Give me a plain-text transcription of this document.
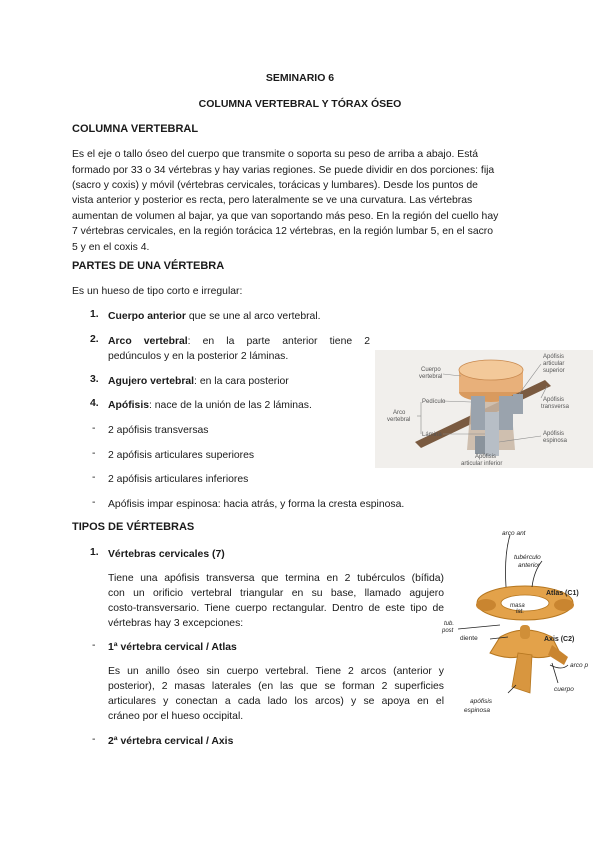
SEMINARIO 6
COLUMNA VERTEBRAL Y TÓRAX ÓSEO
COLUMNA VERTEBRAL
Es el eje o tallo óseo del cuerpo que transmite o soporta su peso de arriba a abajo. Está
formado por 33 o 34 vértebras y hay varias regiones. Se puede dividir en dos porciones: fija
(sacro y coxis) y móvil (vértebras cervicales, torácicas y lumbares). Desde los puntos de
vista anterior y posterior es recta, pero lateralmente se ve una curvatura. Las vértebras
aumentan de volumen al bajar, ya que van soportando más peso. En la región del cuello hay
7 vértebras cervicales, en la región torácica 12 vértebras, en la región lumbar 5, en el sacro
5 y en el coxis 4.
PARTES DE UNA VÉRTEBRA
Es un hueso de tipo corto e irregular:
1. Cuerpo anterior que se une al arco vertebral.
2. Arco vertebral: en la parte anterior tiene 2
pedúnculos y en la posterior 2 láminas.
3. Agujero vertebral: en la cara posterior
4. Apófisis: nace de la unión de las 2 láminas.
- 2 apófisis transversas
- 2 apófisis articulares superiores
- 2 apófisis articulares inferiores
- Apófisis impar espinosa: hacia atrás, y forma la cresta espinosa.
Cuerpo
vertebral
Pedículo
Arco
vertebral
Lámina
Apófisis
articular
superior
Apófisis
transversa
Apófisis
espinosa
Apófisis
articular inferior
TIPOS DE VÉRTEBRAS
1. Vértebras cervicales (7)
Tiene una apófisis transversa que termina en 2 tubérculos (bífida)
con un orificio vertebral triangular en su base, llamado agujero
costo-transversario. Tiene cuerpo rectangular. Dentro de este tipo de
vértebras hay 3 excepciones:
- 1ª vértebra cervical / Atlas
Es un anillo óseo sin cuerpo vertebral. Tiene 2 arcos (anterior y
posterior), 2 masas laterales (en las que se forman 2 superficies
articulares y conectan a cada lado los arcos) y se apoya en el
cráneo por el hueso occipital.
- 2ª vértebra cervical / Axis
arco ant
tubérculo
anterior
masa
lat.
tub.
post
arco p
apófisis
espinosa
cuerpo
Atlas (C1)
diente	Axis (C2)
